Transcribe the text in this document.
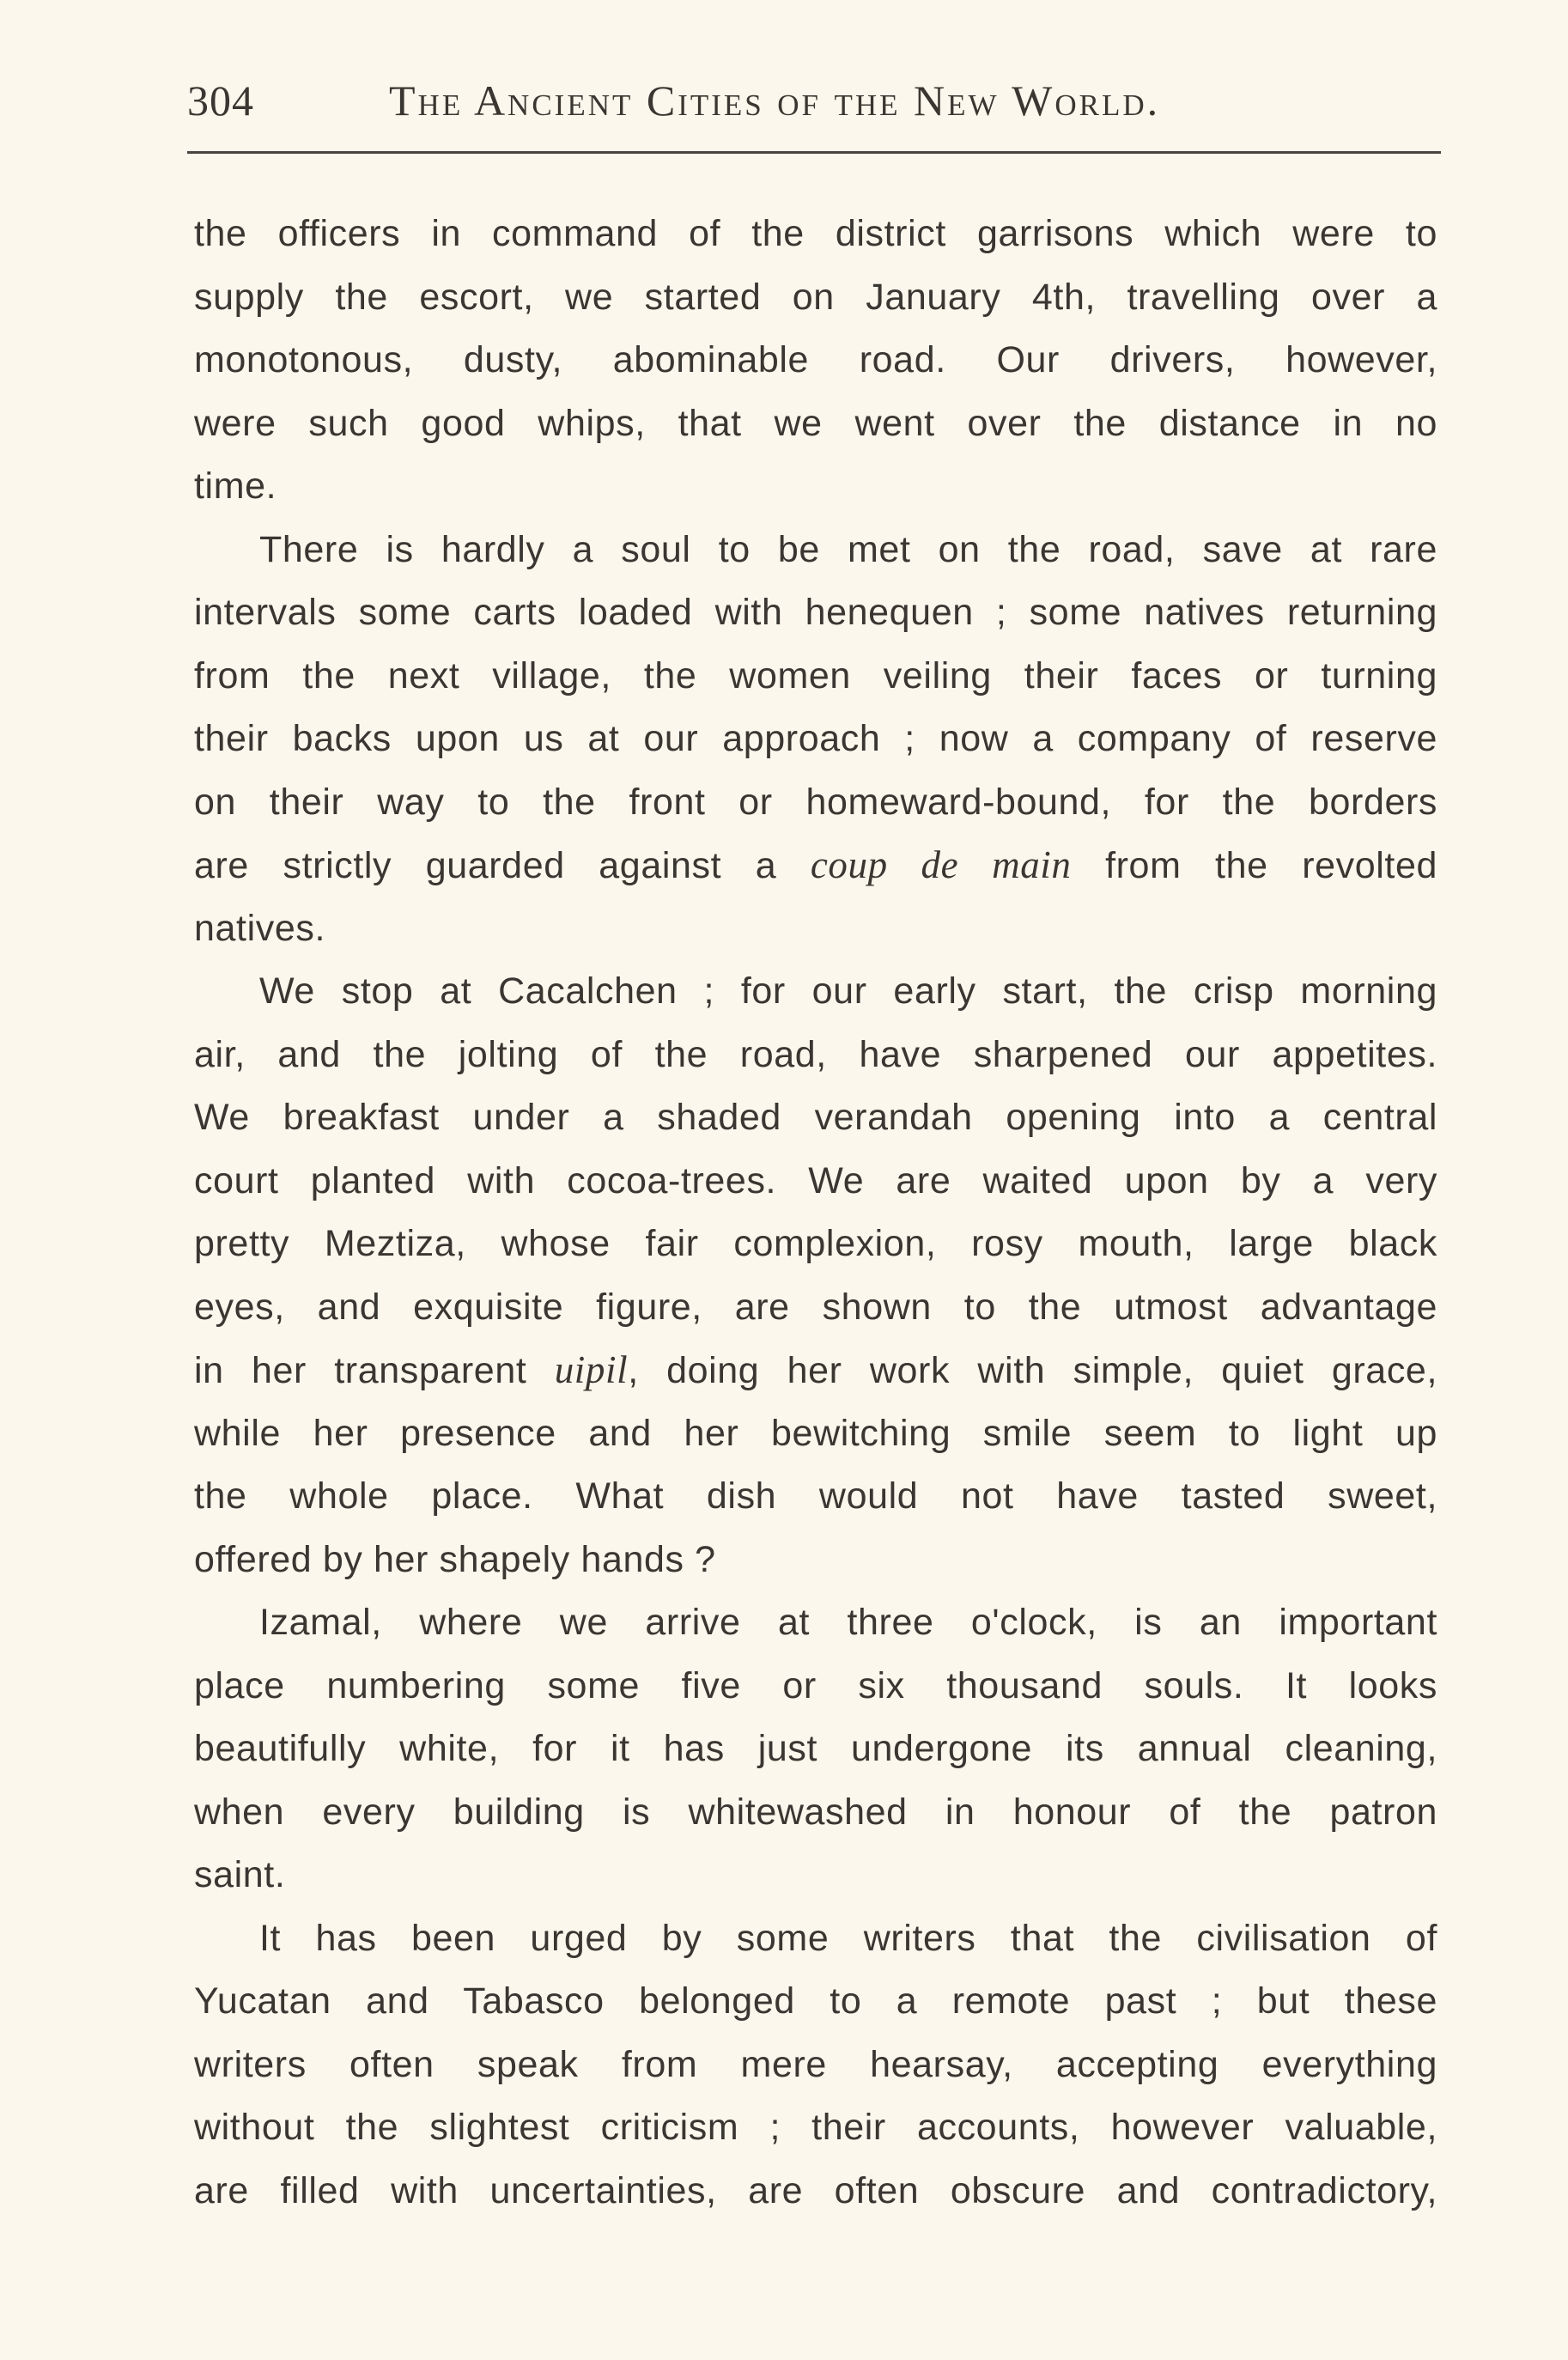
304	The Ancient Cities of the New World.
the officers in command of the district garrisons which were to
supply the escort, we started on January 4th, travelling over a
monotonous, dusty, abominable road. Our drivers, however,
were such good whips, that we went over the distance in no
time.
There is hardly a soul to be met on the road, save at rare
intervals some carts loaded with henequen ; some natives returning
from the next village, the women veiling their faces or turning
their backs upon us at our approach ; now a company of reserve
on their way to the front or homeward-bound, for the borders
are strictly guarded against a coup de main from the revolted
natives.
We stop at Cacalchen ; for our early start, the crisp morning
air, and the jolting of the road, have sharpened our appetites.
We breakfast under a shaded verandah opening into a central
court planted with cocoa-trees. We are waited upon by a very
pretty Meztiza, whose fair complexion, rosy mouth, large black
eyes, and exquisite figure, are shown to the utmost advantage
in her transparent uipil, doing her work with simple, quiet grace,
while her presence and her bewitching smile seem to light up
the whole place. What dish would not have tasted sweet,
offered by her shapely hands ?
Izamal, where we arrive at three o'clock, is an important
place numbering some five or six thousand souls. It looks
beautifully white, for it has just undergone its annual cleaning,
when every building is whitewashed in honour of the patron
saint.
It has been urged by some writers that the civilisation of
Yucatan and Tabasco belonged to a remote past ; but these
writers often speak from mere hearsay, accepting everything
without the slightest criticism ; their accounts, however valuable,
are filled with uncertainties, are often obscure and contradictory,
